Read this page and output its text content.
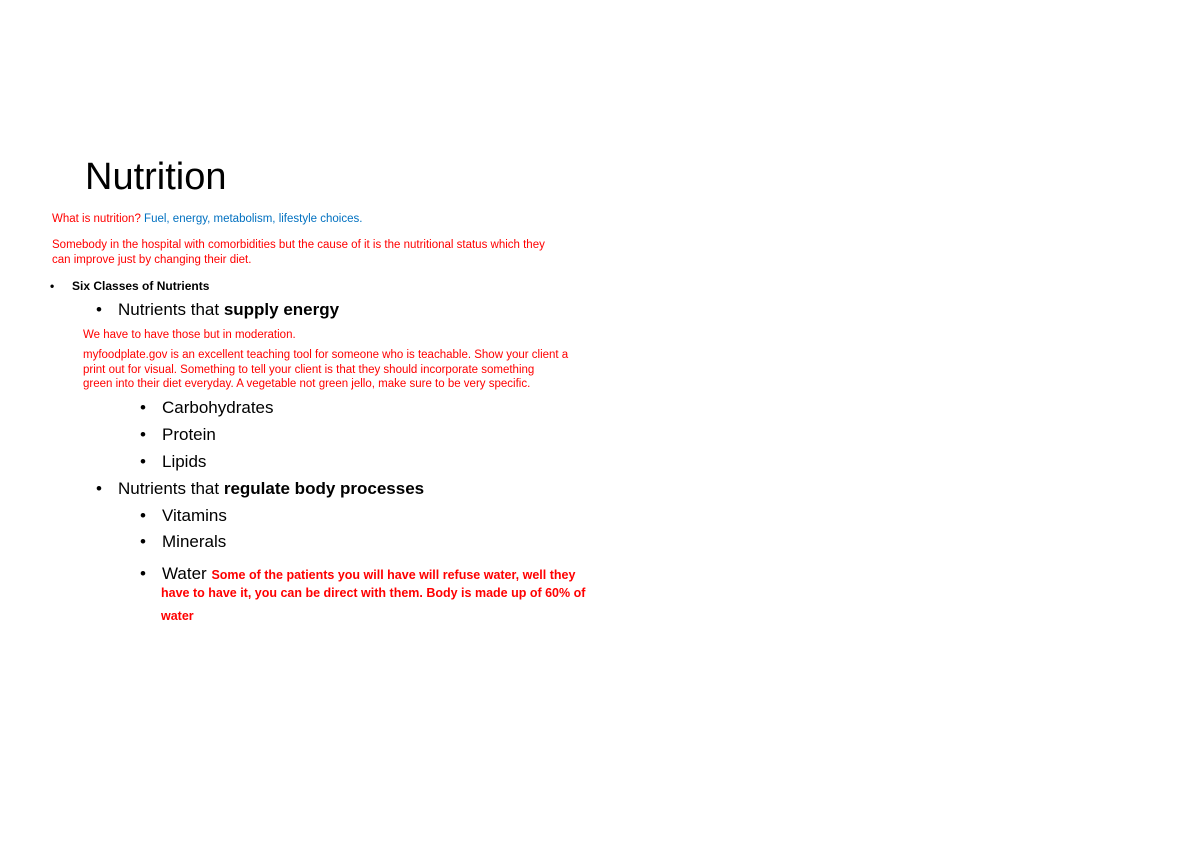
Nutrition
What is nutrition? Fuel, energy, metabolism, lifestyle choices.
Somebody in the hospital with comorbidities but the cause of it is the nutritional status which they
can improve just by changing their diet.
• Six Classes of Nutrients
• Nutrients that supply energy
We have to have those but in moderation.
myfoodplate.gov is an excellent teaching tool for someone who is teachable. Show your client a
print out for visual. Something to tell your client is that they should incorporate something
green into their diet everyday. A vegetable not green jello, make sure to be very specific.
• Carbohydrates
• Protein
• Lipids
• Nutrients that regulate body processes
• Vitamins
• Minerals
• Water Some of the patients you will have will refuse water, well they
have to have it, you can be direct with them. Body is made up of 60% of
water
